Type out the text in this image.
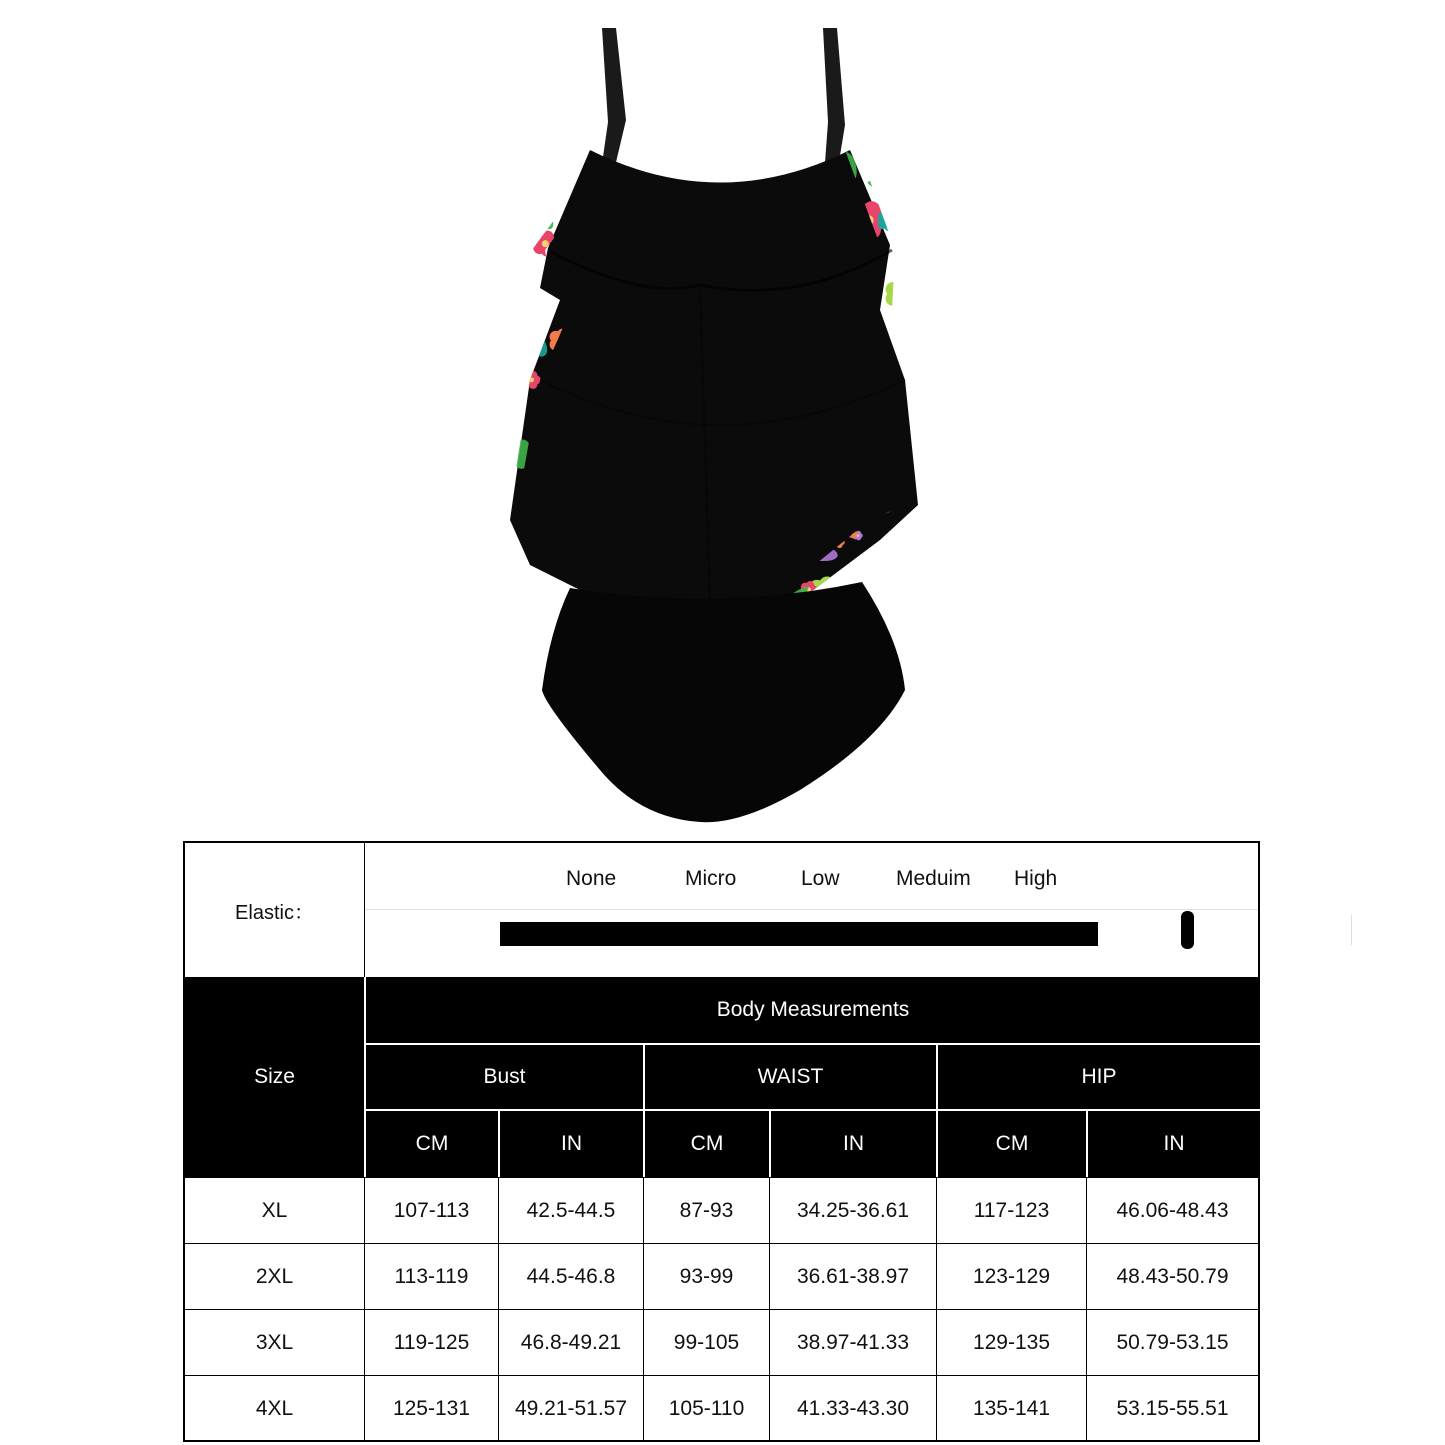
Elastic：
None	Micro	Low	Meduim High
Size
Body Measurements
Bust	WAIST	HIP
CM	IN	CM	IN	CM	IN
XL	107-113	42.5-44.5	87-93	34.25-36.61	117-123	46.06-48.43
2XL	113-119	44.5-46.8	93-99	36.61-38.97	123-129	48.43-50.79
3XL	119-125	46.8-49.21	99-105	38.97-41.33	129-135	50.79-53.15
4XL	125-131	49.21-51.57	105-110	41.33-43.30	135-141	53.15-55.51
